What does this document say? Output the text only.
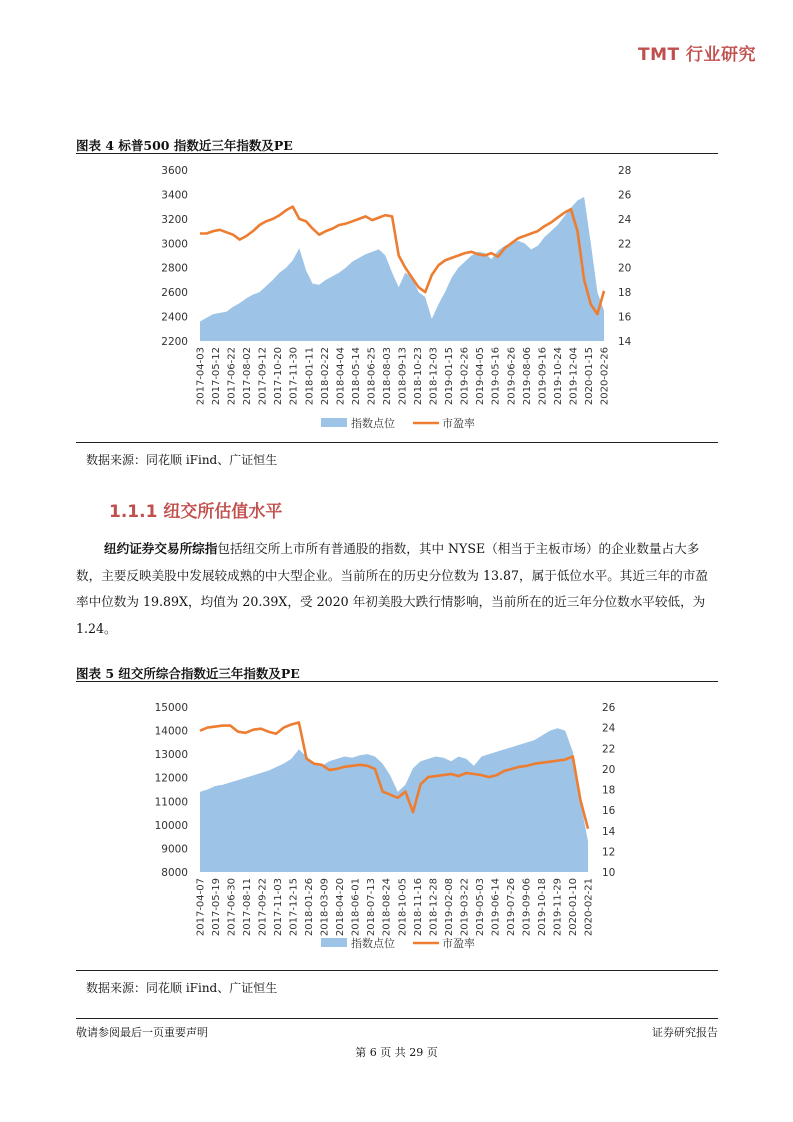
TMT 行业研究
图表 4 标普500 指数近三年指数及PE
2200
2400
2600
2800
3000
3200
3400
3600
14
16
18
20
22
24
26
28
2017-04-03 2017-05-12 2017-06-22 2017-08-02 2017-09-12 2017-10-20 2017-11-30 2018-01-11 2018-02-22 2018-04-04 2018-05-14 2018-06-25 2018-08-03 2018-09-13 2018-10-23 2018-12-03 2019-01-15 2019-02-26 2019-04-05 2019-05-16 2019-06-26 2019-08-06 2019-09-16 2019-10-24 2019-12-04 2020-01-15 2020-02-26
指数点位	市盈率
数据来源：同花顺 iFind、广证恒生
1.1.1 纽交所估值水平
纽约证券交易所综指包括纽交所上市所有普通股的指数，其中 NYSE（相当于主板市场）的企业数量占大多数，主要反映美股中发展较成熟的中大型企业。当前所在的历史分位数为 13.87，属于低位水平。其近三年的市盈率中位数为 19.89X，均值为 20.39X，受 2020 年初美股大跌行情影响，当前所在的近三年分位数水平较低，为 1.24。
图表 5 纽交所综合指数近三年指数及PE
8000
9000
10000
11000
12000
13000
14000
15000
10
12
14
16
18
20
22
24
26
2017-04-07 2017-05-19 2017-06-30 2017-08-11 2017-09-22 2017-11-03 2017-12-15 2018-01-26 2018-03-09 2018-04-20 2018-06-01 2018-07-13 2018-08-24 2018-10-05 2018-11-16 2018-12-28 2019-02-08 2019-03-22 2019-05-03 2019-06-14 2019-07-26 2019-09-06 2019-10-18 2019-11-29 2020-01-10 2020-02-21
指数点位	市盈率
数据来源：同花顺 iFind、广证恒生
敬请参阅最后一页重要声明	证券研究报告
第 6 页 共 29 页
